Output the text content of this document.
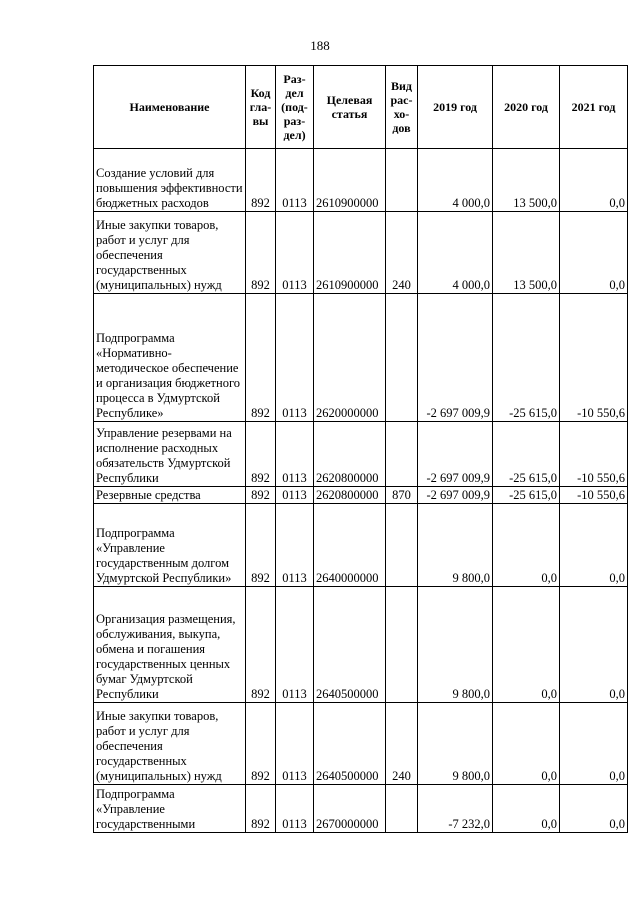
188
Наименование	Код гла- вы	Раз- дел (под- раз- дел)	Целевая статья	Вид рас- хо- дов	2019 год	2020 год	2021 год
Создание условий для повышения эффективности бюджетных расходов	892	0113	2610900000		4 000,0	13 500,0	0,0
Иные закупки товаров, работ и услуг для обеспечения государственных (муниципальных) нужд	892	0113	2610900000	240	4 000,0	13 500,0	0,0
Подпрограмма «Нормативно-методическое обеспечение и организация бюджетного процесса в Удмуртской Республике»	892	0113	2620000000		-2 697 009,9	-25 615,0	-10 550,6
Управление резервами на исполнение расходных обязательств Удмуртской Республики	892	0113	2620800000		-2 697 009,9	-25 615,0	-10 550,6
Резервные средства	892	0113	2620800000	870	-2 697 009,9	-25 615,0	-10 550,6
Подпрограмма «Управление государственным долгом Удмуртской Республики»	892	0113	2640000000		9 800,0	0,0	0,0
Организация размещения, обслуживания, выкупа, обмена и погашения государственных ценных бумаг Удмуртской Республики	892	0113	2640500000		9 800,0	0,0	0,0
Иные закупки товаров, работ и услуг для обеспечения государственных (муниципальных) нужд	892	0113	2640500000	240	9 800,0	0,0	0,0
Подпрограмма «Управление государственными	892	0113	2670000000		-7 232,0	0,0	0,0
